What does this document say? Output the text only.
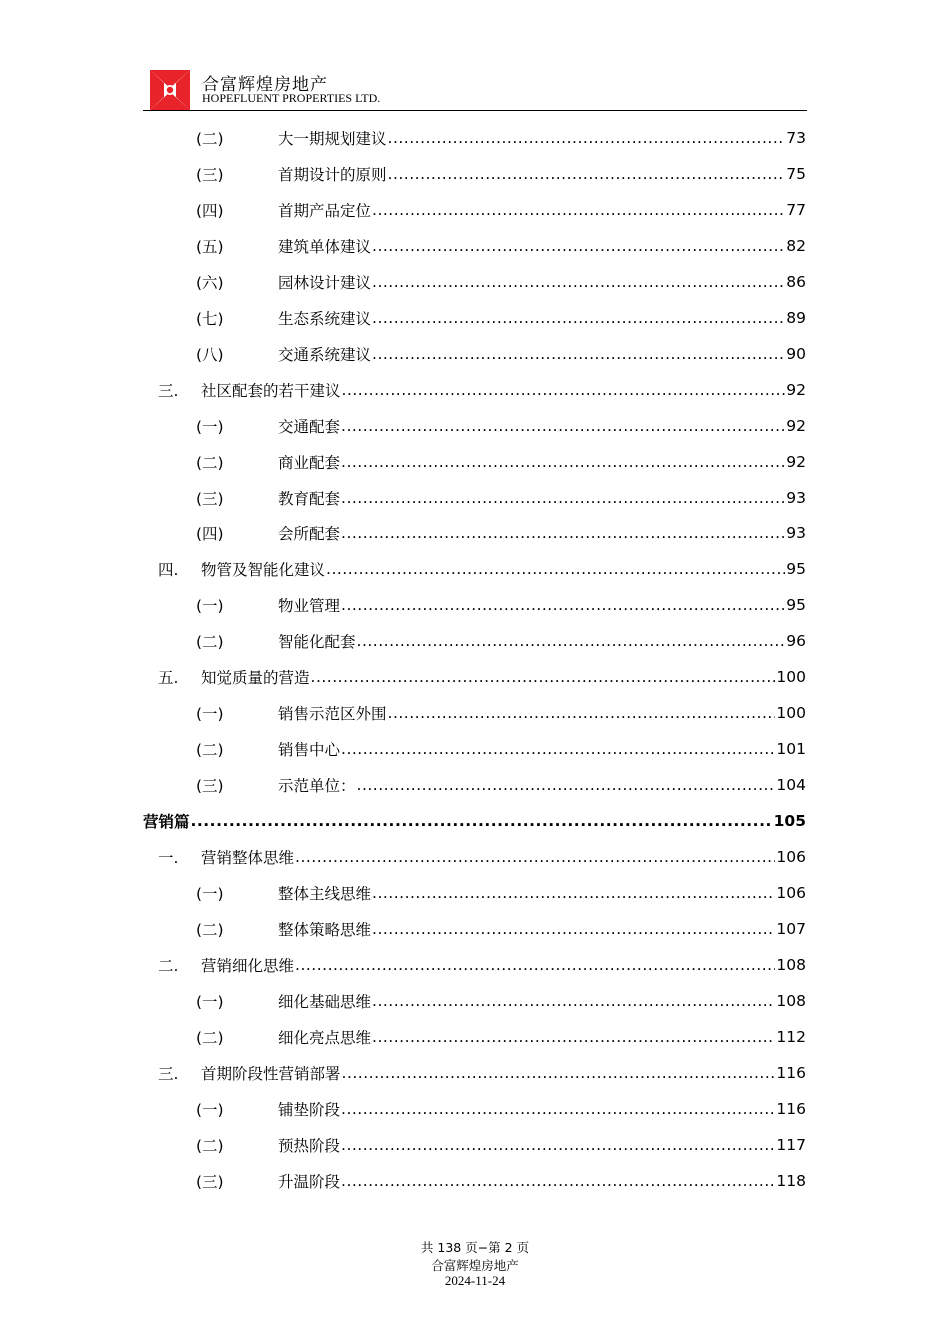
合富辉煌房地产
HOPEFLUENT PROPERTIES LTD.
(二)	大一期规划建议 .....	73
(三)	首期设计的原则 .....	75
(四)	首期产品定位 .....	77
(五)	建筑单体建议 .....	82
(六)	园林设计建议 .....	86
(七)	生态系统建议 .....	89
(八)	交通系统建议 .....	90
三.	社区配套的若干建议 .....	92
(一)	交通配套 .....	92
(二)	商业配套 .....	92
(三)	教育配套 .....	93
(四)	会所配套 .....	93
四.	物管及智能化建议 .....	95
(一)	物业管理 .....	95
(二)	智能化配套 .....	96
五.	知觉质量的营造 .....	100
(一)	销售示范区外围 .....	100
(二)	销售中心 .....	101
(三)	示范单位： .....	104
营销篇 .....	105
一.	营销整体思维 .....	106
(一)	整体主线思维 .....	106
(二)	整体策略思维 .....	107
二.	营销细化思维 .....	108
(一)	细化基础思维 .....	108
(二)	细化亮点思维 .....	112
三.	首期阶段性营销部署 .....	116
(一)	铺垫阶段 .....	116
(二)	预热阶段 .....	117
(三)	升温阶段 .....	118
共 138 页−第 2 页
合富辉煌房地产
2024-11-24
